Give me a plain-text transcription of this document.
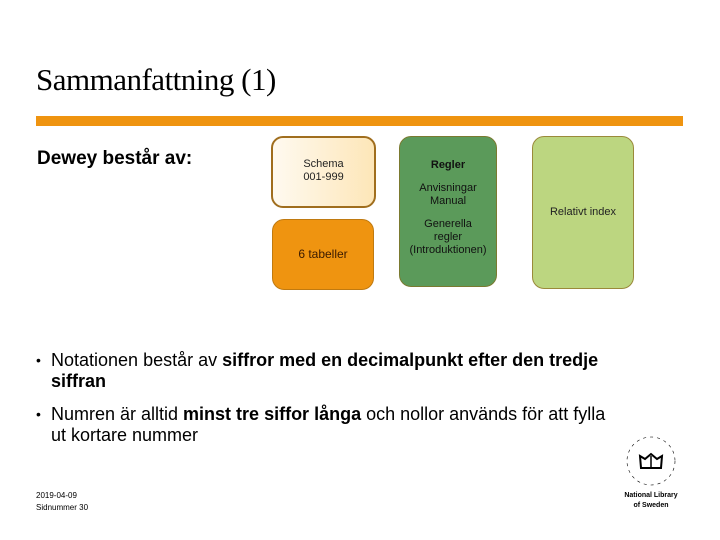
Sammanfattning (1)
Dewey består av:	Schema
001-999
6 tabeller
Regler
Anvisningar
Manual
Generella
regler
(Introduktionen)
Relativt index
• Notationen består av siffror med en decimalpunkt efter den tredje siffran
• Numren är alltid minst tre siffor långa och nollor används för att fylla ut kortare nummer
2019-04-09
Sidnummer 30
National Library
of Sweden
